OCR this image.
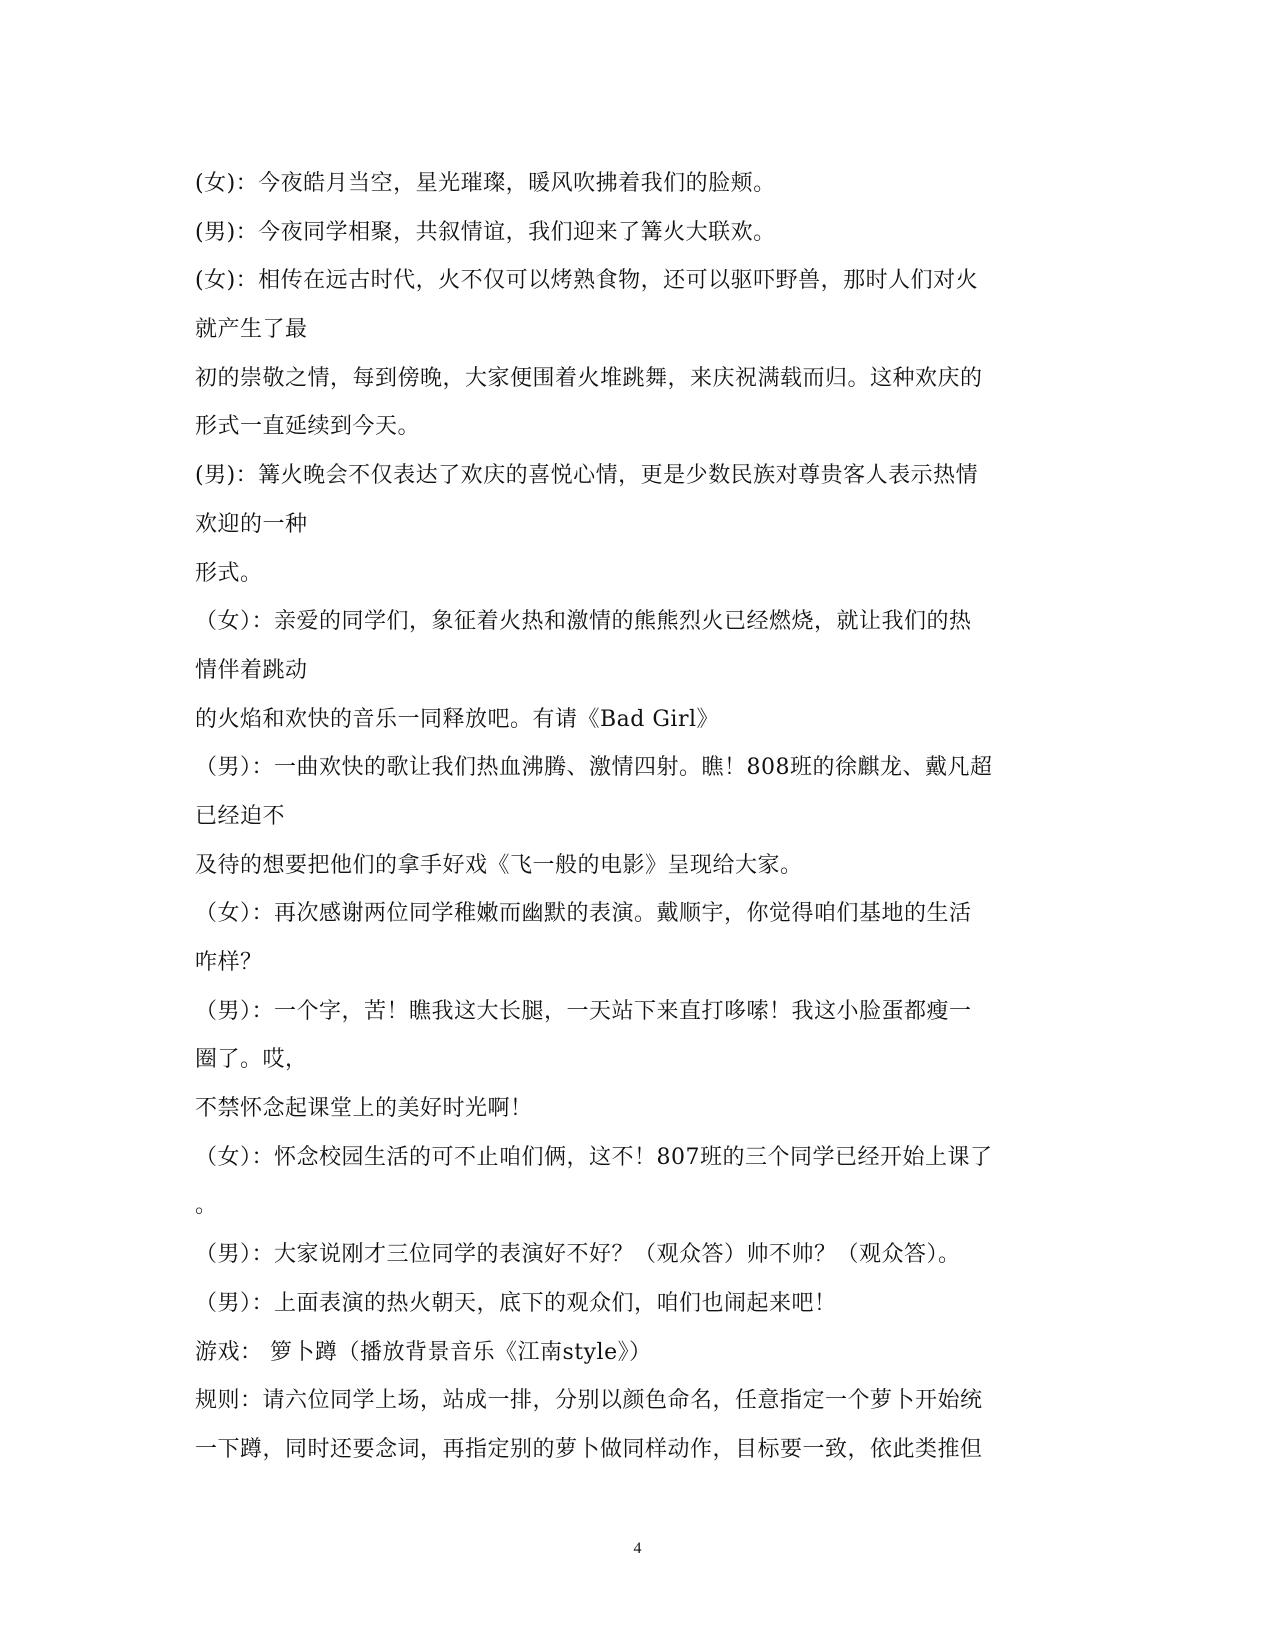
(女)：今夜皓月当空，星光璀璨，暖风吹拂着我们的脸颊。
(男)：今夜同学相聚，共叙情谊，我们迎来了篝火大联欢。
(女)：相传在远古时代，火不仅可以烤熟食物，还可以驱吓野兽，那时人们对火
就产生了最
初的崇敬之情，每到傍晚，大家便围着火堆跳舞，来庆祝满载而归。这种欢庆的
形式一直延续到今天。
(男)：篝火晚会不仅表达了欢庆的喜悦心情，更是少数民族对尊贵客人表示热情
欢迎的一种
形式。
（女）：亲爱的同学们，象征着火热和激情的熊熊烈火已经燃烧，就让我们的热
情伴着跳动
的火焰和欢快的音乐一同释放吧。有请《Bad Girl》
（男）：一曲欢快的歌让我们热血沸腾、激情四射。瞧！808班的徐麒龙、戴凡超
已经迫不
及待的想要把他们的拿手好戏《飞一般的电影》呈现给大家。
（女）：再次感谢两位同学稚嫩而幽默的表演。戴顺宇，你觉得咱们基地的生活
咋样？
（男）：一个字，苦！瞧我这大长腿，一天站下来直打哆嗦！我这小脸蛋都瘦一
圈了。哎，
不禁怀念起课堂上的美好时光啊！
（女）：怀念校园生活的可不止咱们俩，这不！807班的三个同学已经开始上课了
。
（男）：大家说刚才三位同学的表演好不好？（观众答）帅不帅？（观众答）。
（男）：上面表演的热火朝天，底下的观众们，咱们也闹起来吧！
游戏： 箩卜蹲（播放背景音乐《江南style》）
规则：请六位同学上场，站成一排，分别以颜色命名，任意指定一个萝卜开始统
一下蹲，同时还要念词，再指定别的萝卜做同样动作，目标要一致，依此类推但
4
